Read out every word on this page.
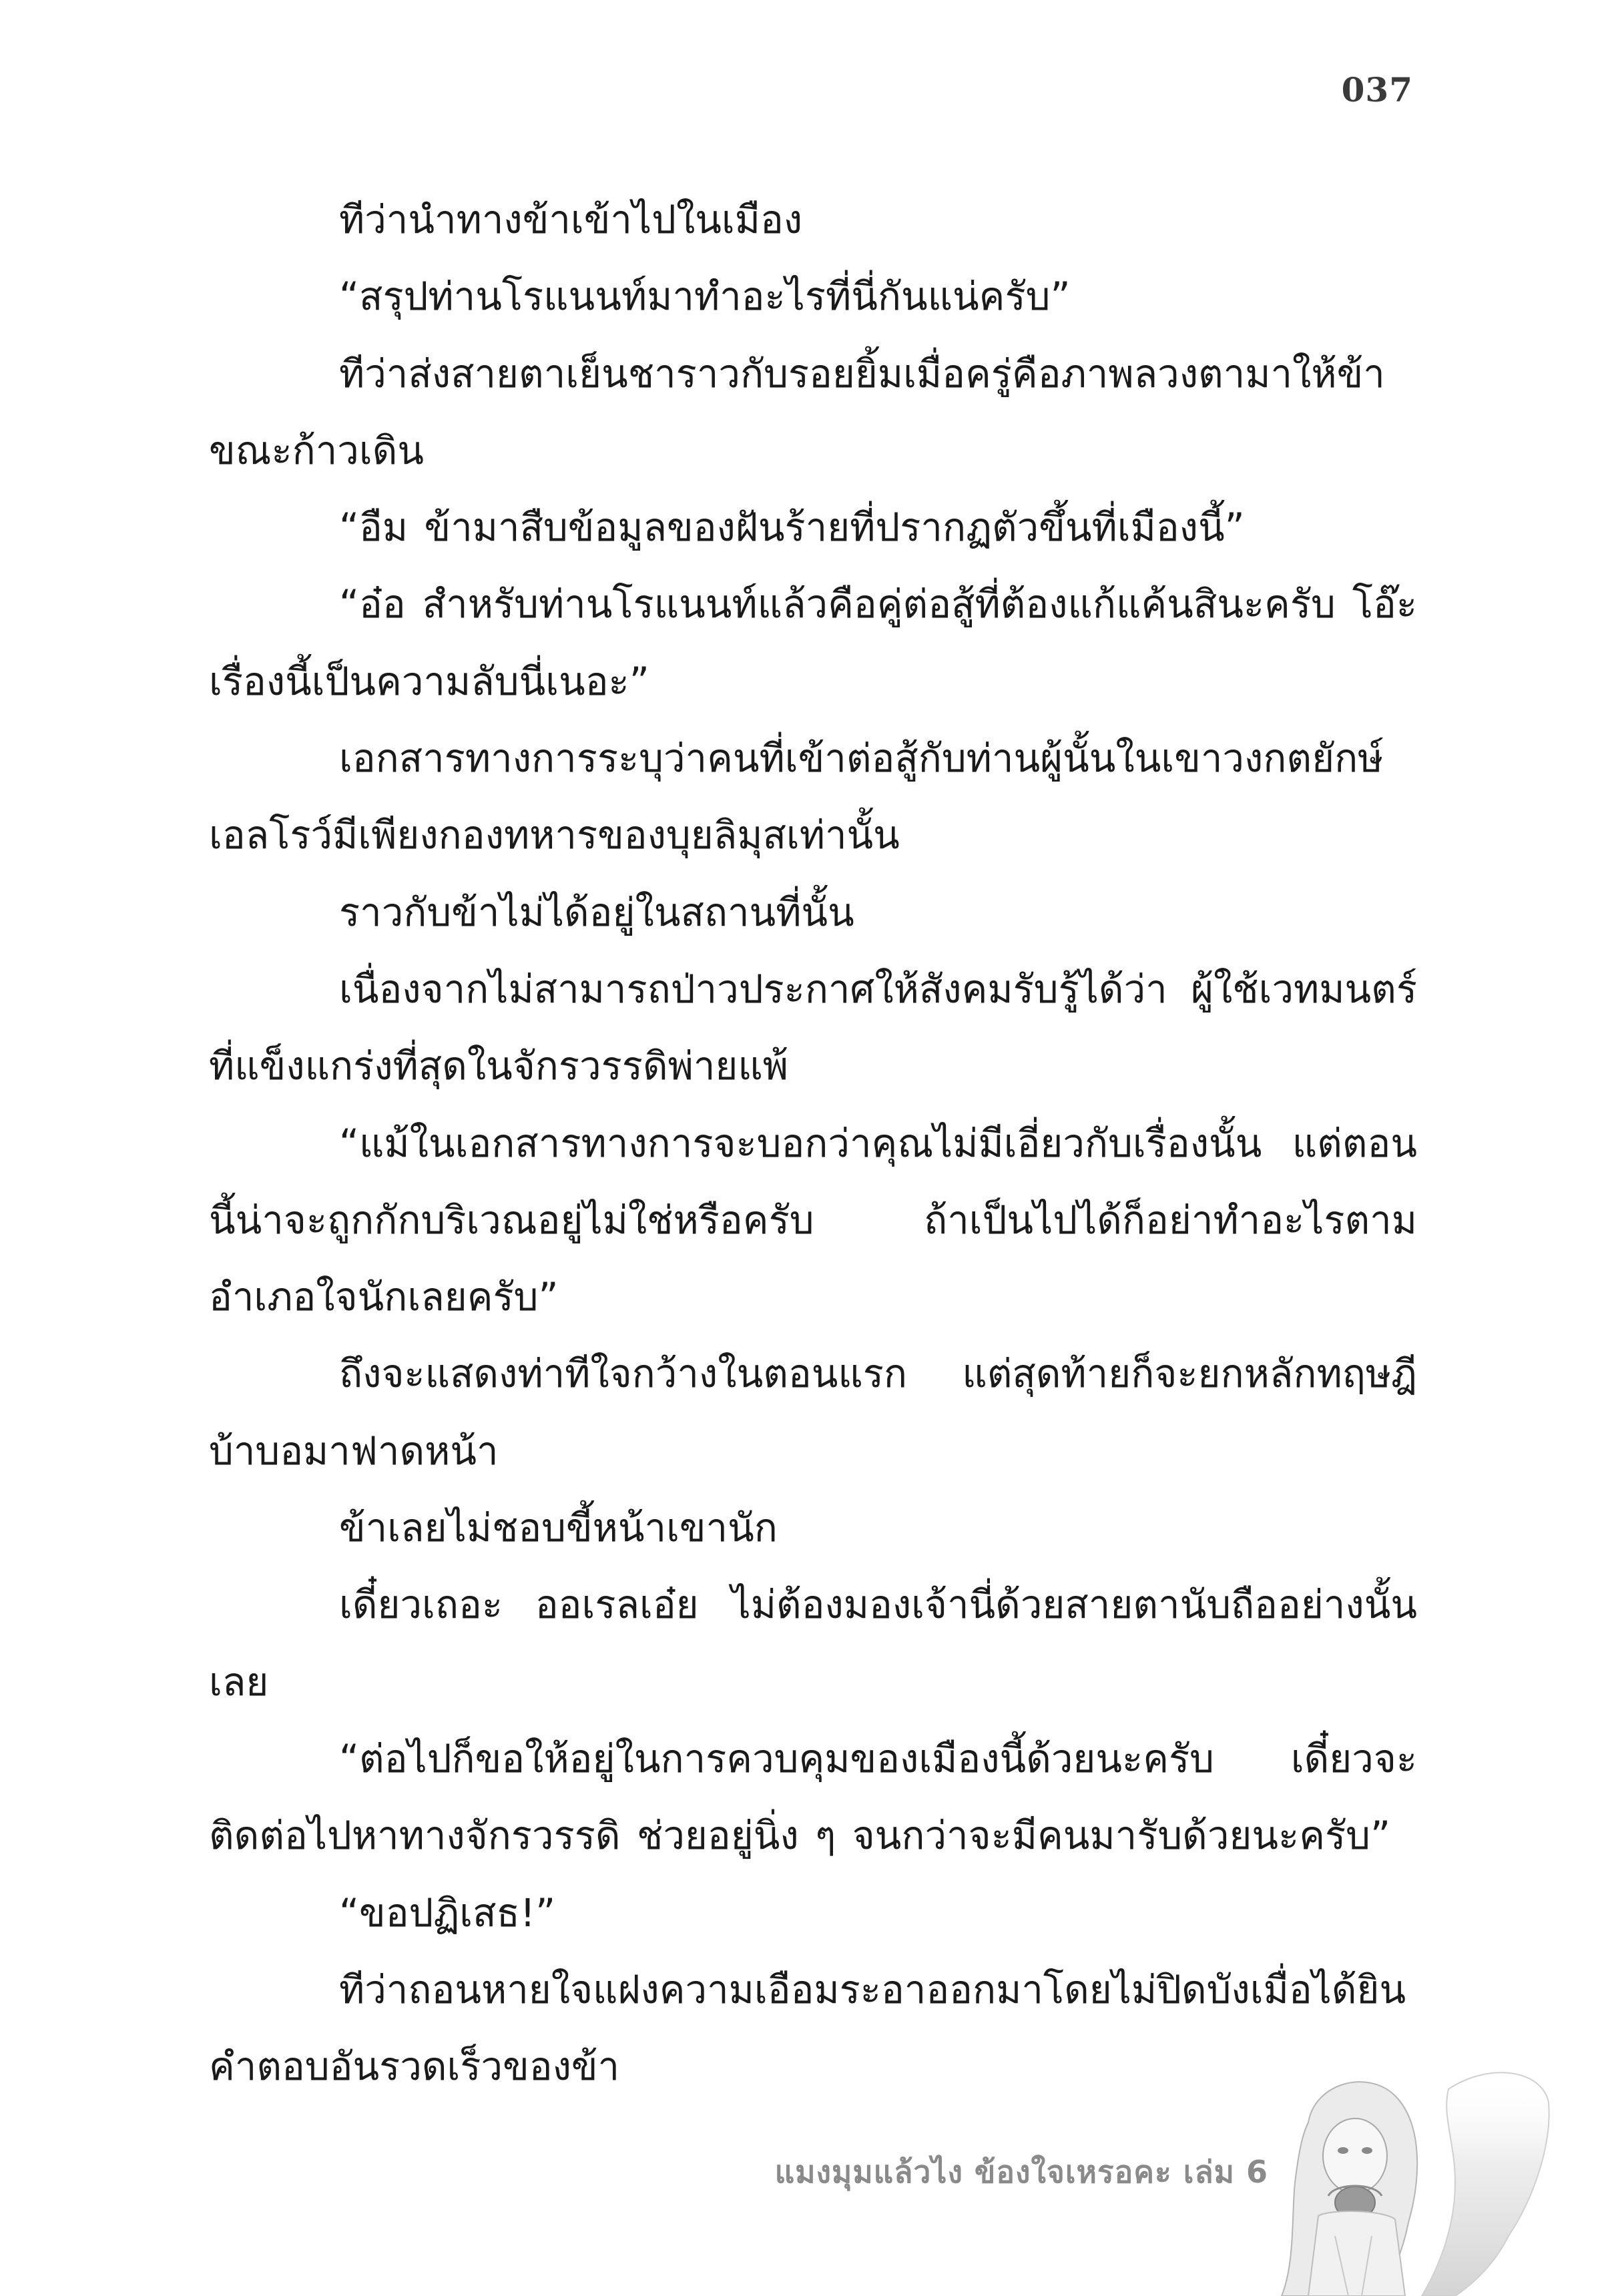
037

ทีว่านำทางข้าเข้าไปในเมือง

“สรุปท่านโรแนนท์มาทำอะไรที่นี่กันแน่ครับ”

ทีว่าส่งสายตาเย็นชาราวกับรอยยิ้มเมื่อครู่คือภาพลวงตามาให้ข้าขณะก้าวเดิน

“อืม ข้ามาสืบข้อมูลของฝันร้ายที่ปรากฏตัวขึ้นที่เมืองนี้”

“อ๋อ สำหรับท่านโรแนนท์แล้วคือคู่ต่อสู้ที่ต้องแก้แค้นสินะครับ โอ๊ะ เรื่องนี้เป็นความลับนี่เนอะ”

เอกสารทางการระบุว่าคนที่เข้าต่อสู้กับท่านผู้นั้นในเขาวงกตยักษ์เอลโรว์มีเพียงกองทหารของบุยลิมุสเท่านั้น

ราวกับข้าไม่ได้อยู่ในสถานที่นั้น

เนื่องจากไม่สามารถป่าวประกาศให้สังคมรับรู้ได้ว่า ผู้ใช้เวทมนตร์ที่แข็งแกร่งที่สุดในจักรวรรดิพ่ายแพ้

“แม้ในเอกสารทางการจะบอกว่าคุณไม่มีเอี่ยวกับเรื่องนั้น แต่ตอนนี้น่าจะถูกกักบริเวณอยู่ไม่ใช่หรือครับ ถ้าเป็นไปได้ก็อย่าทำอะไรตามอำเภอใจนักเลยครับ”

ถึงจะแสดงท่าทีใจกว้างในตอนแรก แต่สุดท้ายก็จะยกหลักทฤษฎีบ้าบอมาฟาดหน้า

ข้าเลยไม่ชอบขี้หน้าเขานัก

เดี๋ยวเถอะ ออเรลเอ๋ย ไม่ต้องมองเจ้านี่ด้วยสายตานับถืออย่างนั้นเลย

“ต่อไปก็ขอให้อยู่ในการควบคุมของเมืองนี้ด้วยนะครับ เดี๋ยวจะติดต่อไปหาทางจักรวรรดิ ช่วยอยู่นิ่ง ๆ จนกว่าจะมีคนมารับด้วยนะครับ”

“ขอปฏิเสธ!”

ทีว่าถอนหายใจแฝงความเอือมระอาออกมาโดยไม่ปิดบังเมื่อได้ยินคำตอบอันรวดเร็วของข้า

แมงมุมแล้วไง ข้องใจเหรอคะ เล่ม 6
